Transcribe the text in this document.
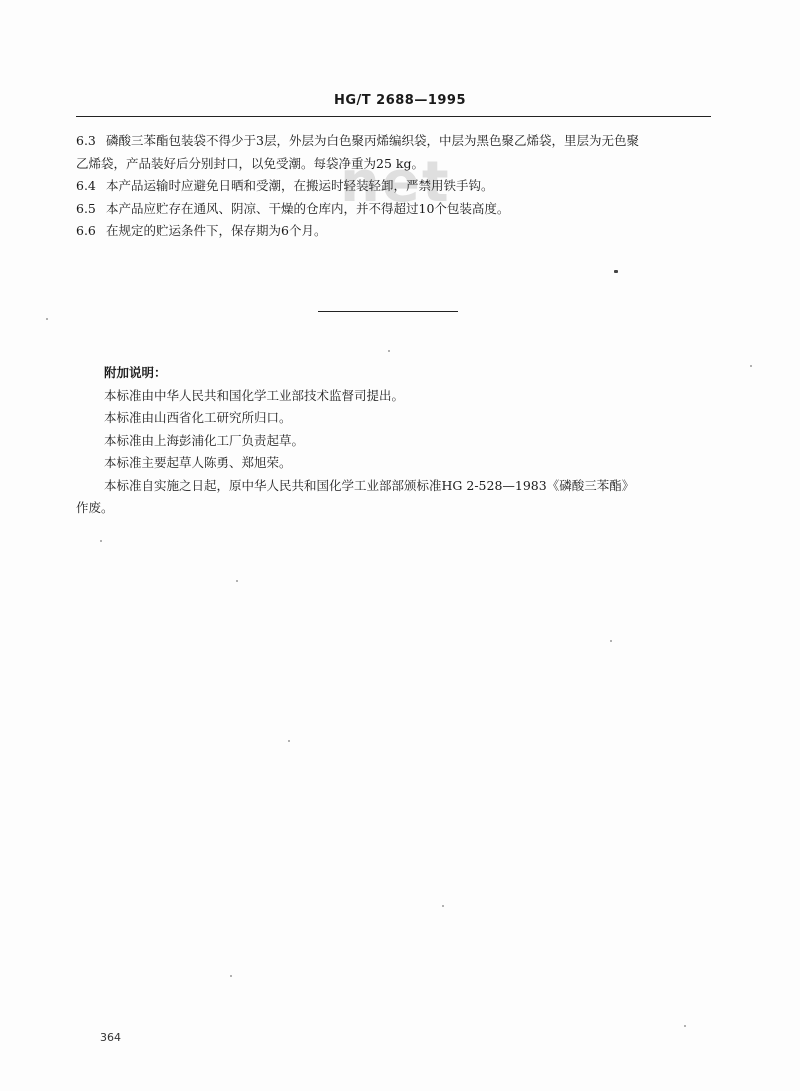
HG/T 2688—1995
net

6.3 磷酸三苯酯包装袋不得少于3层，外层为白色聚丙烯编织袋，中层为黑色聚乙烯袋，里层为无色聚
乙烯袋，产品装好后分别封口，以免受潮。每袋净重为25 kg。

6.4 本产品运输时应避免日晒和受潮，在搬运时轻装轻卸，严禁用铁手钩。

6.5 本产品应贮存在通风、阴凉、干燥的仓库内，并不得超过10个包装高度。

6.6 在规定的贮运条件下，保存期为6个月。

附加说明：

本标准由中华人民共和国化学工业部技术监督司提出。

本标准由山西省化工研究所归口。

本标准由上海彭浦化工厂负责起草。

本标准主要起草人陈勇、郑旭荣。

本标准自实施之日起，原中华人民共和国化学工业部部颁标准HG 2-528—1983《磷酸三苯酯》

作废。

364
